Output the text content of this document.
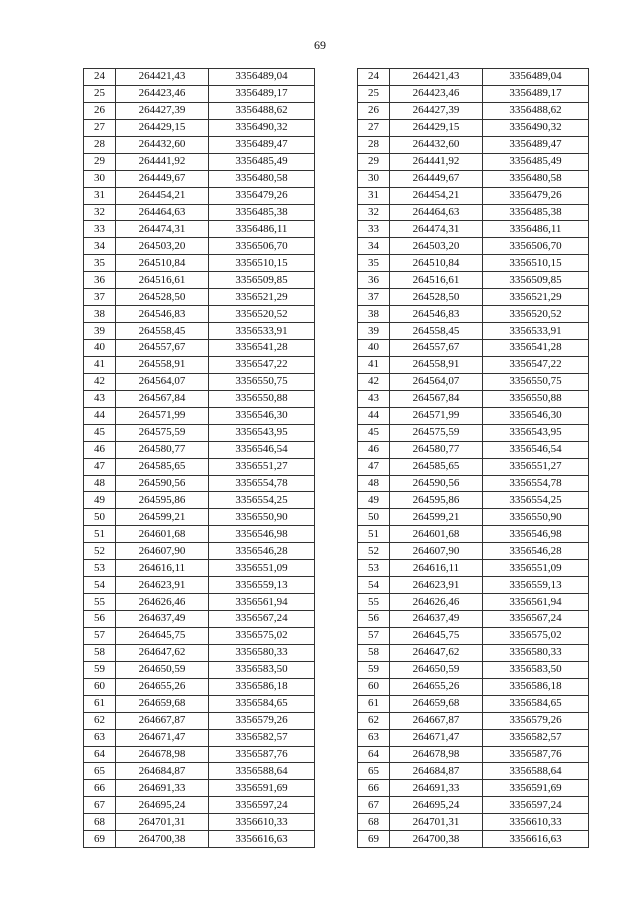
69
24	264421,43	3356489,04
25	264423,46	3356489,17
26	264427,39	3356488,62
27	264429,15	3356490,32
28	264432,60	3356489,47
29	264441,92	3356485,49
30	264449,67	3356480,58
31	264454,21	3356479,26
32	264464,63	3356485,38
33	264474,31	3356486,11
34	264503,20	3356506,70
35	264510,84	3356510,15
36	264516,61	3356509,85
37	264528,50	3356521,29
38	264546,83	3356520,52
39	264558,45	3356533,91
40	264557,67	3356541,28
41	264558,91	3356547,22
42	264564,07	3356550,75
43	264567,84	3356550,88
44	264571,99	3356546,30
45	264575,59	3356543,95
46	264580,77	3356546,54
47	264585,65	3356551,27
48	264590,56	3356554,78
49	264595,86	3356554,25
50	264599,21	3356550,90
51	264601,68	3356546,98
52	264607,90	3356546,28
53	264616,11	3356551,09
54	264623,91	3356559,13
55	264626,46	3356561,94
56	264637,49	3356567,24
57	264645,75	3356575,02
58	264647,62	3356580,33
59	264650,59	3356583,50
60	264655,26	3356586,18
61	264659,68	3356584,65
62	264667,87	3356579,26
63	264671,47	3356582,57
64	264678,98	3356587,76
65	264684,87	3356588,64
66	264691,33	3356591,69
67	264695,24	3356597,24
68	264701,31	3356610,33
69	264700,38	3356616,63
24	264421,43	3356489,04
25	264423,46	3356489,17
26	264427,39	3356488,62
27	264429,15	3356490,32
28	264432,60	3356489,47
29	264441,92	3356485,49
30	264449,67	3356480,58
31	264454,21	3356479,26
32	264464,63	3356485,38
33	264474,31	3356486,11
34	264503,20	3356506,70
35	264510,84	3356510,15
36	264516,61	3356509,85
37	264528,50	3356521,29
38	264546,83	3356520,52
39	264558,45	3356533,91
40	264557,67	3356541,28
41	264558,91	3356547,22
42	264564,07	3356550,75
43	264567,84	3356550,88
44	264571,99	3356546,30
45	264575,59	3356543,95
46	264580,77	3356546,54
47	264585,65	3356551,27
48	264590,56	3356554,78
49	264595,86	3356554,25
50	264599,21	3356550,90
51	264601,68	3356546,98
52	264607,90	3356546,28
53	264616,11	3356551,09
54	264623,91	3356559,13
55	264626,46	3356561,94
56	264637,49	3356567,24
57	264645,75	3356575,02
58	264647,62	3356580,33
59	264650,59	3356583,50
60	264655,26	3356586,18
61	264659,68	3356584,65
62	264667,87	3356579,26
63	264671,47	3356582,57
64	264678,98	3356587,76
65	264684,87	3356588,64
66	264691,33	3356591,69
67	264695,24	3356597,24
68	264701,31	3356610,33
69	264700,38	3356616,63
